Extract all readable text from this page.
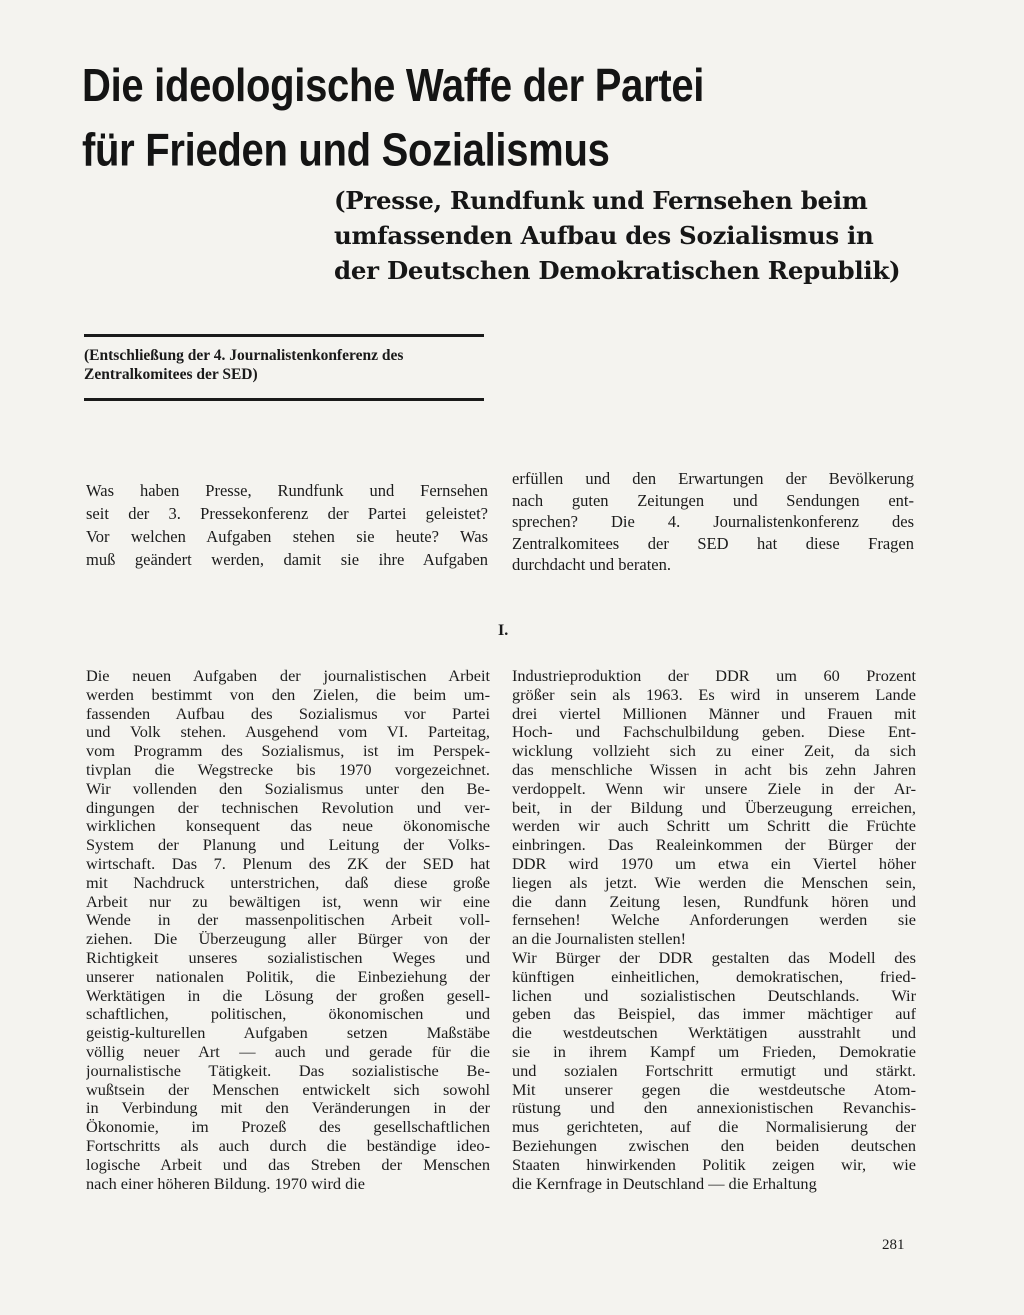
Die ideologische Waffe der Partei
für Frieden und Sozialismus
(Presse, Rundfunk und Fernsehen beim
umfassenden Aufbau des Sozialismus in
der Deutschen Demokratischen Republik)
(Entschließung der 4. Journalistenkonferenz des
Zentralkomitees der SED)
Was haben Presse, Rundfunk und Fernsehen
seit der 3. Pressekonferenz der Partei geleistet?
Vor welchen Aufgaben stehen sie heute? Was
muß geändert werden, damit sie ihre Aufgaben
erfüllen und den Erwartungen der Bevölkerung
nach guten Zeitungen und Sendungen ent-
sprechen? Die 4. Journalistenkonferenz des
Zentralkomitees der SED hat diese Fragen
durchdacht und beraten.
I.
Die neuen Aufgaben der journalistischen Arbeit
werden bestimmt von den Zielen, die beim um-
fassenden Aufbau des Sozialismus vor Partei
und Volk stehen. Ausgehend vom VI. Parteitag,
vom Programm des Sozialismus, ist im Perspek-
tivplan die Wegstrecke bis 1970 vorgezeichnet.
Wir vollenden den Sozialismus unter den Be-
dingungen der technischen Revolution und ver-
wirklichen konsequent das neue ökonomische
System der Planung und Leitung der Volks-
wirtschaft. Das 7. Plenum des ZK der SED hat
mit Nachdruck unterstrichen, daß diese große
Arbeit nur zu bewältigen ist, wenn wir eine
Wende in der massenpolitischen Arbeit voll-
ziehen. Die Überzeugung aller Bürger von der
Richtigkeit unseres sozialistischen Weges und
unserer nationalen Politik, die Einbeziehung der
Werktätigen in die Lösung der großen gesell-
schaftlichen, politischen, ökonomischen und
geistig-kulturellen Aufgaben setzen Maßstäbe
völlig neuer Art — auch und gerade für die
journalistische Tätigkeit. Das sozialistische Be-
wußtsein der Menschen entwickelt sich sowohl
in Verbindung mit den Veränderungen in der
Ökonomie, im Prozeß des gesellschaftlichen
Fortschritts als auch durch die beständige ideo-
logische Arbeit und das Streben der Menschen
nach einer höheren Bildung. 1970 wird die
Industrieproduktion der DDR um 60 Prozent
größer sein als 1963. Es wird in unserem Lande
drei viertel Millionen Männer und Frauen mit
Hoch- und Fachschulbildung geben. Diese Ent-
wicklung vollzieht sich zu einer Zeit, da sich
das menschliche Wissen in acht bis zehn Jahren
verdoppelt. Wenn wir unsere Ziele in der Ar-
beit, in der Bildung und Überzeugung erreichen,
werden wir auch Schritt um Schritt die Früchte
einbringen. Das Realeinkommen der Bürger der
DDR wird 1970 um etwa ein Viertel höher
liegen als jetzt. Wie werden die Menschen sein,
die dann Zeitung lesen, Rundfunk hören und
fernsehen! Welche Anforderungen werden sie
an die Journalisten stellen!
Wir Bürger der DDR gestalten das Modell des
künftigen einheitlichen, demokratischen, fried-
lichen und sozialistischen Deutschlands. Wir
geben das Beispiel, das immer mächtiger auf
die westdeutschen Werktätigen ausstrahlt und
sie in ihrem Kampf um Frieden, Demokratie
und sozialen Fortschritt ermutigt und stärkt.
Mit unserer gegen die westdeutsche Atom-
rüstung und den annexionistischen Revanchis-
mus gerichteten, auf die Normalisierung der
Beziehungen zwischen den beiden deutschen
Staaten hinwirkenden Politik zeigen wir, wie
die Kernfrage in Deutschland — die Erhaltung
281
